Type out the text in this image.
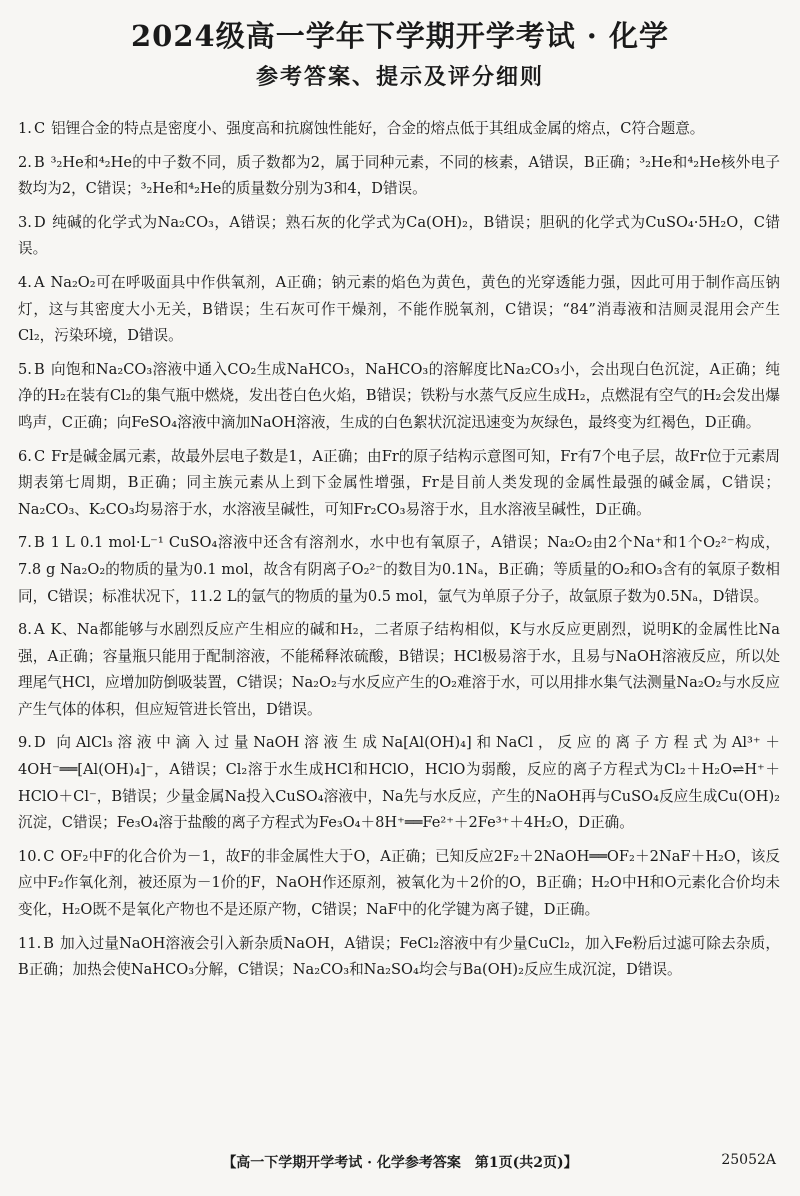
2024级高一学年下学期开学考试 · 化学
参考答案、提示及评分细则
1. C 铝锂合金的特点是密度小、强度高和抗腐蚀性能好，合金的熔点低于其组成金属的熔点，C符合题意。
2. B ³₂He和⁴₂He的中子数不同，质子数都为2，属于同种元素，不同的核素，A错误，B正确；³₂He和⁴₂He核外电子数均为2，C错误；³₂He和⁴₂He的质量数分别为3和4，D错误。
3. D 纯碱的化学式为Na₂CO₃，A错误；熟石灰的化学式为Ca(OH)₂，B错误；胆矾的化学式为CuSO₄·5H₂O，C错误。
4. A Na₂O₂可在呼吸面具中作供氧剂，A正确；钠元素的焰色为黄色，黄色的光穿透能力强，因此可用于制作高压钠灯，这与其密度大小无关，B错误；生石灰可作干燥剂，不能作脱氧剂，C错误；“84”消毒液和洁厕灵混用会产生Cl₂，污染环境，D错误。
5. B 向饱和Na₂CO₃溶液中通入CO₂生成NaHCO₃，NaHCO₃的溶解度比Na₂CO₃小，会出现白色沉淀，A正确；纯净的H₂在装有Cl₂的集气瓶中燃烧，发出苍白色火焰，B错误；铁粉与水蒸气反应生成H₂，点燃混有空气的H₂会发出爆鸣声，C正确；向FeSO₄溶液中滴加NaOH溶液，生成的白色絮状沉淀迅速变为灰绿色，最终变为红褐色，D正确。
6. C Fr是碱金属元素，故最外层电子数是1，A正确；由Fr的原子结构示意图可知，Fr有7个电子层，故Fr位于元素周期表第七周期，B正确；同主族元素从上到下金属性增强，Fr是目前人类发现的金属性最强的碱金属，C错误；Na₂CO₃、K₂CO₃均易溶于水，水溶液呈碱性，可知Fr₂CO₃易溶于水，且水溶液呈碱性，D正确。
7. B 1 L 0.1 mol·L⁻¹ CuSO₄溶液中还含有溶剂水，水中也有氧原子，A错误；Na₂O₂由2个Na⁺和1个O₂²⁻构成，7.8 g Na₂O₂的物质的量为0.1 mol，故含有阴离子O₂²⁻的数目为0.1Nₐ，B正确；等质量的O₂和O₃含有的氧原子数相同，C错误；标准状况下，11.2 L的氩气的物质的量为0.5 mol，氩气为单原子分子，故氩原子数为0.5Nₐ，D错误。
8. A K、Na都能够与水剧烈反应产生相应的碱和H₂，二者原子结构相似，K与水反应更剧烈，说明K的金属性比Na强，A正确；容量瓶只能用于配制溶液，不能稀释浓硫酸，B错误；HCl极易溶于水，且易与NaOH溶液反应，所以处理尾气HCl，应增加防倒吸装置，C错误；Na₂O₂与水反应产生的O₂难溶于水，可以用排水集气法测量Na₂O₂与水反应产生气体的体积，但应短管进长管出，D错误。
9. D 向AlCl₃溶液中滴入过量NaOH溶液生成Na[Al(OH)₄]和NaCl，反应的离子方程式为Al³⁺＋4OH⁻══[Al(OH)₄]⁻，A错误；Cl₂溶于水生成HCl和HClO，HClO为弱酸，反应的离子方程式为Cl₂＋H₂O⇌H⁺＋HClO＋Cl⁻，B错误；少量金属Na投入CuSO₄溶液中，Na先与水反应，产生的NaOH再与CuSO₄反应生成Cu(OH)₂沉淀，C错误；Fe₃O₄溶于盐酸的离子方程式为Fe₃O₄＋8H⁺══Fe²⁺＋2Fe³⁺＋4H₂O，D正确。
10. C OF₂中F的化合价为－1，故F的非金属性大于O，A正确；已知反应2F₂＋2NaOH══OF₂＋2NaF＋H₂O，该反应中F₂作氧化剂，被还原为－1价的F，NaOH作还原剂，被氧化为＋2价的O，B正确；H₂O中H和O元素化合价均未变化，H₂O既不是氧化产物也不是还原产物，C错误；NaF中的化学键为离子键，D正确。
11. B 加入过量NaOH溶液会引入新杂质NaOH，A错误；FeCl₂溶液中有少量CuCl₂，加入Fe粉后过滤可除去杂质，B正确；加热会使NaHCO₃分解，C错误；Na₂CO₃和Na₂SO₄均会与Ba(OH)₂反应生成沉淀，D错误。
【高一下学期开学考试 · 化学参考答案　第1页(共2页)】	25052A
